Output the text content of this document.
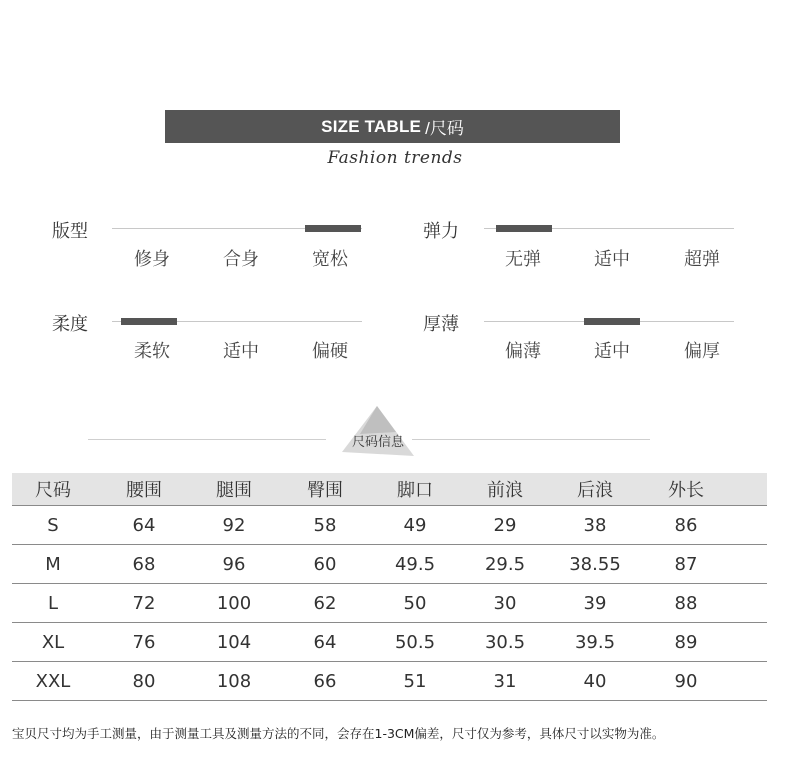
SIZE TABLE /尺码
Fashion trends
版型
修身	合身	宽松
弹力
无弹	适中	超弹
柔度
柔软	适中	偏硬
厚薄
偏薄	适中	偏厚
尺码信息
尺码	腰围	腿围	臀围	脚口	前浪	后浪	外长
S	64	92	58	49	29	38	86
M	68	96	60	49.5	29.5	38.55	87
L	72	100	62	50	30	39	88
XL	76	104	64	50.5	30.5	39.5	89
XXL	80	108	66	51	31	40	90
宝贝尺寸均为手工测量，由于测量工具及测量方法的不同，会存在1-3CM偏差，尺寸仅为参考，具体尺寸以实物为准。
